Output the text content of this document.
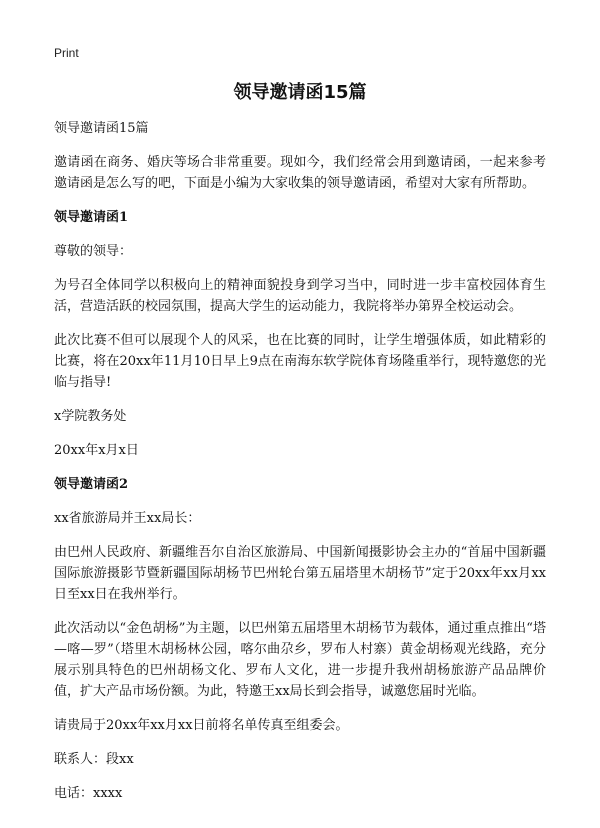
Print
领导邀请函15篇

领导邀请函15篇

邀请函在商务、婚庆等场合非常重要。现如今，我们经常会用到邀请函，一起来参考邀请函是怎么写的吧，下面是小编为大家收集的领导邀请函，希望对大家有所帮助。

领导邀请函1

尊敬的领导：

为号召全体同学以积极向上的精神面貌投身到学习当中，同时进一步丰富校园体育生活，营造活跃的校园氛围，提高大学生的运动能力，我院将举办第界全校运动会。

此次比赛不但可以展现个人的风采，也在比赛的同时，让学生增强体质，如此精彩的比赛，将在20xx年11月10日早上9点在南海东软学院体育场隆重举行，现特邀您的光临与指导!

x学院教务处

20xx年x月x日

领导邀请函2

xx省旅游局并王xx局长：

由巴州人民政府、新疆维吾尔自治区旅游局、中国新闻摄影协会主办的“首届中国新疆国际旅游摄影节暨新疆国际胡杨节巴州轮台第五届塔里木胡杨节”定于20xx年xx月xx日至xx日在我州举行。

此次活动以“金色胡杨”为主题，以巴州第五届塔里木胡杨节为载体，通过重点推出“塔—喀—罗”（塔里木胡杨林公园，喀尔曲尕乡，罗布人村寨）黄金胡杨观光线路，充分展示别具特色的巴州胡杨文化、罗布人文化，进一步提升我州胡杨旅游产品品牌价值，扩大产品市场份额。为此，特邀王xx局长到会指导，诚邀您届时光临。

请贵局于20xx年xx月xx日前将名单传真至组委会。

联系人：段xx

电话：xxxx
